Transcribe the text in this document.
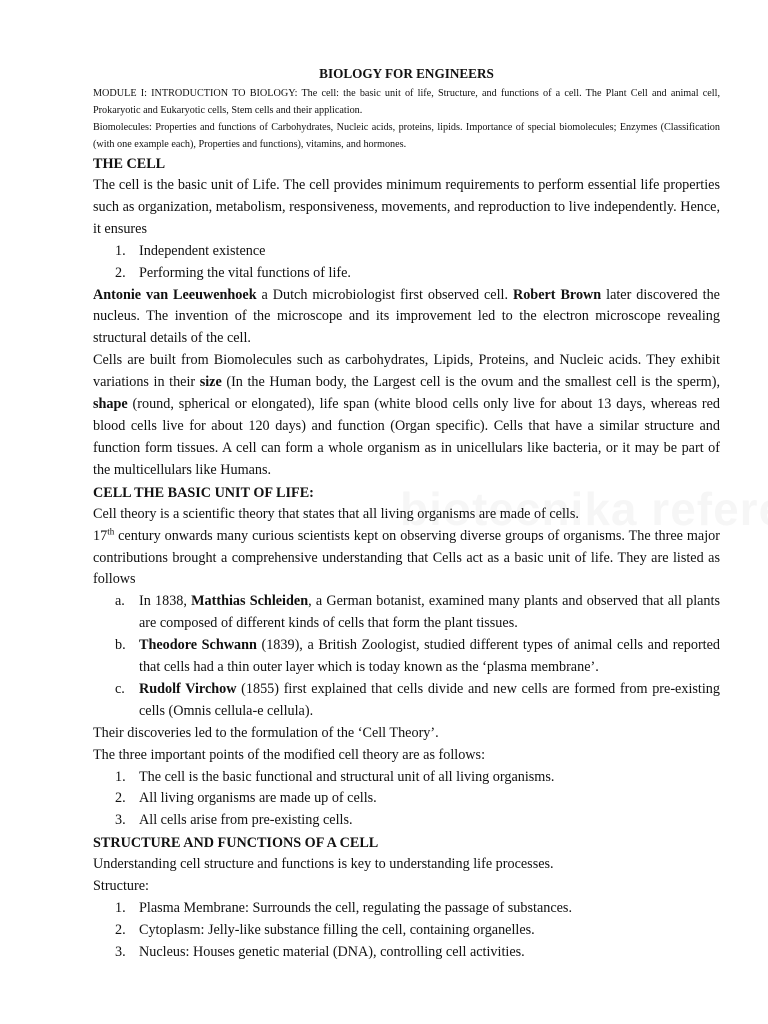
BIOLOGY FOR ENGINEERS

MODULE I: INTRODUCTION TO BIOLOGY: The cell: the basic unit of life, Structure, and functions of a cell. The Plant Cell and animal cell, Prokaryotic and Eukaryotic cells, Stem cells and their application.

Biomolecules: Properties and functions of Carbohydrates, Nucleic acids, proteins, lipids. Importance of special biomolecules; Enzymes (Classification (with one example each), Properties and functions), vitamins, and hormones.

THE CELL

The cell is the basic unit of Life. The cell provides minimum requirements to perform essential life properties such as organization, metabolism, responsiveness, movements, and reproduction to live independently. Hence, it ensures

1. Independent existence
2. Performing the vital functions of life.

Antonie van Leeuwenhoek a Dutch microbiologist first observed cell. Robert Brown later discovered the nucleus. The invention of the microscope and its improvement led to the electron microscope revealing structural details of the cell.

Cells are built from Biomolecules such as carbohydrates, Lipids, Proteins, and Nucleic acids. They exhibit variations in their size (In the Human body, the Largest cell is the ovum and the smallest cell is the sperm), shape (round, spherical or elongated), life span (white blood cells only live for about 13 days, whereas red blood cells live for about 120 days) and function (Organ specific). Cells that have a similar structure and function form tissues. A cell can form a whole organism as in unicellulars like bacteria, or it may be part of the multicellulars like Humans.

CELL THE BASIC UNIT OF LIFE:

Cell theory is a scientific theory that states that all living organisms are made of cells.

17th century onwards many curious scientists kept on observing diverse groups of organisms. The three major contributions brought a comprehensive understanding that Cells act as a basic unit of life. They are listed as follows

a. In 1838, Matthias Schleiden, a German botanist, examined many plants and observed that all plants are composed of different kinds of cells that form the plant tissues.
b. Theodore Schwann (1839), a British Zoologist, studied different types of animal cells and reported that cells had a thin outer layer which is today known as the ‘plasma membrane’.
c. Rudolf Virchow (1855) first explained that cells divide and new cells are formed from pre-existing cells (Omnis cellula-e cellula).

Their discoveries led to the formulation of the ‘Cell Theory’.

The three important points of the modified cell theory are as follows:

1. The cell is the basic functional and structural unit of all living organisms.
2. All living organisms are made up of cells.
3. All cells arise from pre-existing cells.
STRUCTURE AND FUNCTIONS OF A CELL

Understanding cell structure and functions is key to understanding life processes.

Structure:

1. Plasma Membrane: Surrounds the cell, regulating the passage of substances.
2. Cytoplasm: Jelly-like substance filling the cell, containing organelles.
3. Nucleus: Houses genetic material (DNA), controlling cell activities.
